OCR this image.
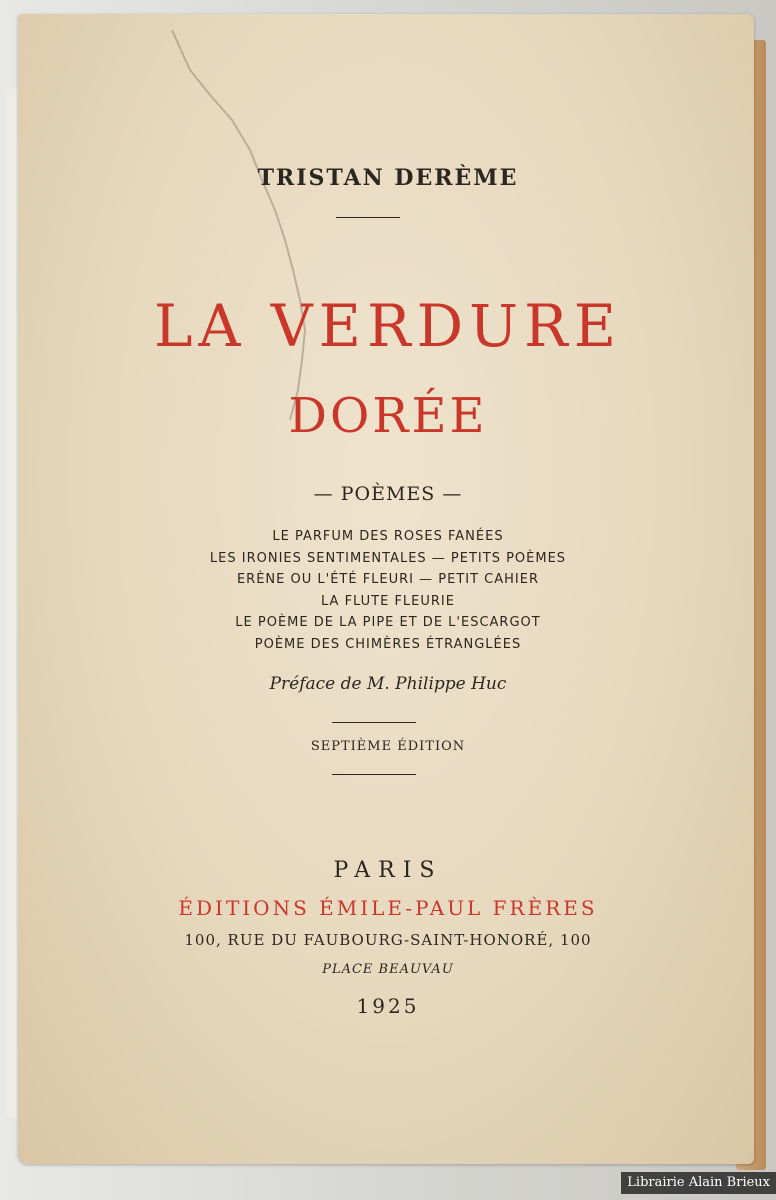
TRISTAN DERÈME
LA VERDURE
DORÉE
— POÈMES —
LE PARFUM DES ROSES FANÉES
LES IRONIES SENTIMENTALES — PETITS POÈMES
ERÈNE OU L'ÉTÉ FLEURI — PETIT CAHIER
LA FLUTE FLEURIE
LE POÈME DE LA PIPE ET DE L'ESCARGOT
POÈME DES CHIMÈRES ÉTRANGLÉES
Préface de M. Philippe Huc
SEPTIÈME ÉDITION
PARIS
ÉDITIONS ÉMILE-PAUL FRÈRES
100, RUE DU FAUBOURG-SAINT-HONORÉ, 100
PLACE BEAUVAU
1925
Librairie Alain Brieux
